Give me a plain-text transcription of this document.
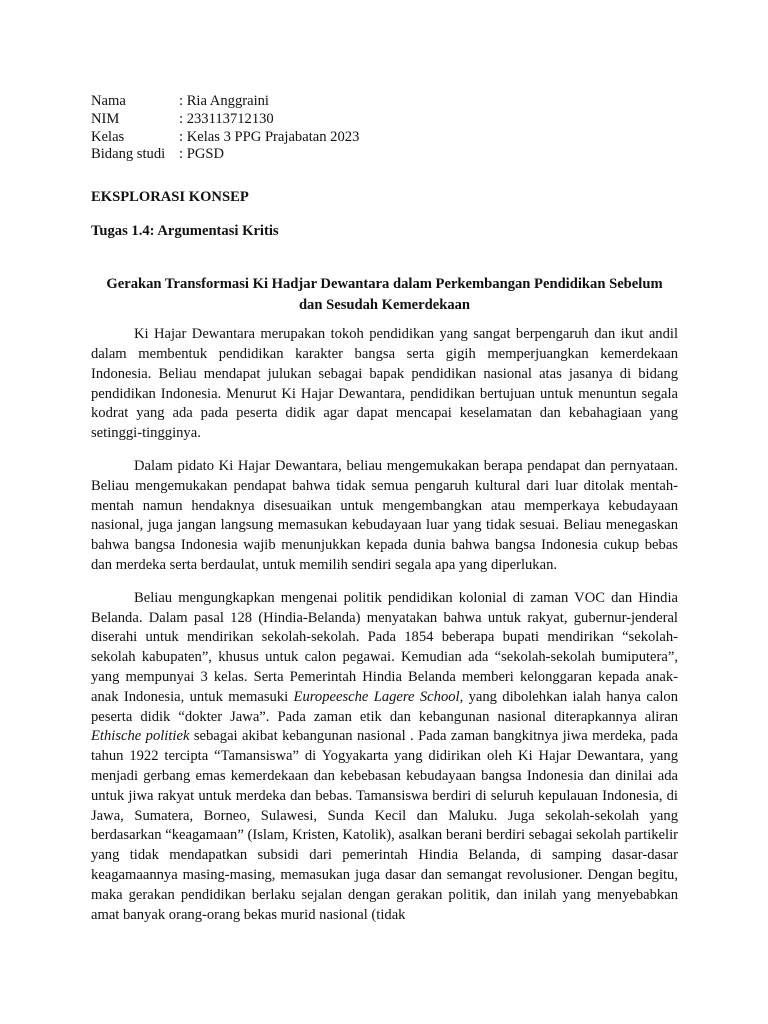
Nama	: Ria Anggraini
NIM	: 233113712130
Kelas	: Kelas 3 PPG Prajabatan 2023
Bidang studi : PGSD
EKSPLORASI KONSEP
Tugas 1.4: Argumentasi Kritis
Gerakan Transformasi Ki Hadjar Dewantara dalam Perkembangan Pendidikan Sebelum
dan Sesudah Kemerdekaan

Ki Hajar Dewantara merupakan tokoh pendidikan yang sangat berpengaruh dan ikut andil dalam membentuk pendidikan karakter bangsa serta gigih memperjuangkan kemerdekaan Indonesia. Beliau mendapat julukan sebagai bapak pendidikan nasional atas jasanya di bidang pendidikan Indonesia. Menurut Ki Hajar Dewantara, pendidikan bertujuan untuk menuntun segala kodrat yang ada pada peserta didik agar dapat mencapai keselamatan dan kebahagiaan yang setinggi-tingginya.

Dalam pidato Ki Hajar Dewantara, beliau mengemukakan berapa pendapat dan pernyataan. Beliau mengemukakan pendapat bahwa tidak semua pengaruh kultural dari luar ditolak mentah-mentah namun hendaknya disesuaikan untuk mengembangkan atau memperkaya kebudayaan nasional, juga jangan langsung memasukan kebudayaan luar yang tidak sesuai. Beliau menegaskan bahwa bangsa Indonesia wajib menunjukkan kepada dunia bahwa bangsa Indonesia cukup bebas dan merdeka serta berdaulat, untuk memilih sendiri segala apa yang diperlukan.

Beliau mengungkapkan mengenai politik pendidikan kolonial di zaman VOC dan Hindia Belanda. Dalam pasal 128 (Hindia-Belanda) menyatakan bahwa untuk rakyat, gubernur-jenderal diserahi untuk mendirikan sekolah-sekolah. Pada 1854 beberapa bupati mendirikan “sekolah-sekolah kabupaten”, khusus untuk calon pegawai. Kemudian ada “sekolah-sekolah bumiputera”, yang mempunyai 3 kelas. Serta Pemerintah Hindia Belanda memberi kelonggaran kepada anak-anak Indonesia, untuk memasuki Europeesche Lagere School, yang dibolehkan ialah hanya calon peserta didik “dokter Jawa”. Pada zaman etik dan kebangunan nasional diterapkannya aliran Ethische politiek sebagai akibat kebangunan nasional . Pada zaman bangkitnya jiwa merdeka, pada tahun 1922 tercipta “Tamansiswa” di Yogyakarta yang didirikan oleh Ki Hajar Dewantara, yang menjadi gerbang emas kemerdekaan dan kebebasan kebudayaan bangsa Indonesia dan dinilai ada untuk jiwa rakyat untuk merdeka dan bebas. Tamansiswa berdiri di seluruh kepulauan Indonesia, di Jawa, Sumatera, Borneo, Sulawesi, Sunda Kecil dan Maluku. Juga sekolah-sekolah yang berdasarkan “keagamaan” (Islam, Kristen, Katolik), asalkan berani berdiri sebagai sekolah partikelir yang tidak mendapatkan subsidi dari pemerintah Hindia Belanda, di samping dasar-dasar keagamaannya masing-masing, memasukan juga dasar dan semangat revolusioner. Dengan begitu, maka gerakan pendidikan berlaku sejalan dengan gerakan politik, dan inilah yang menyebabkan amat banyak orang-orang bekas murid nasional (tidak
